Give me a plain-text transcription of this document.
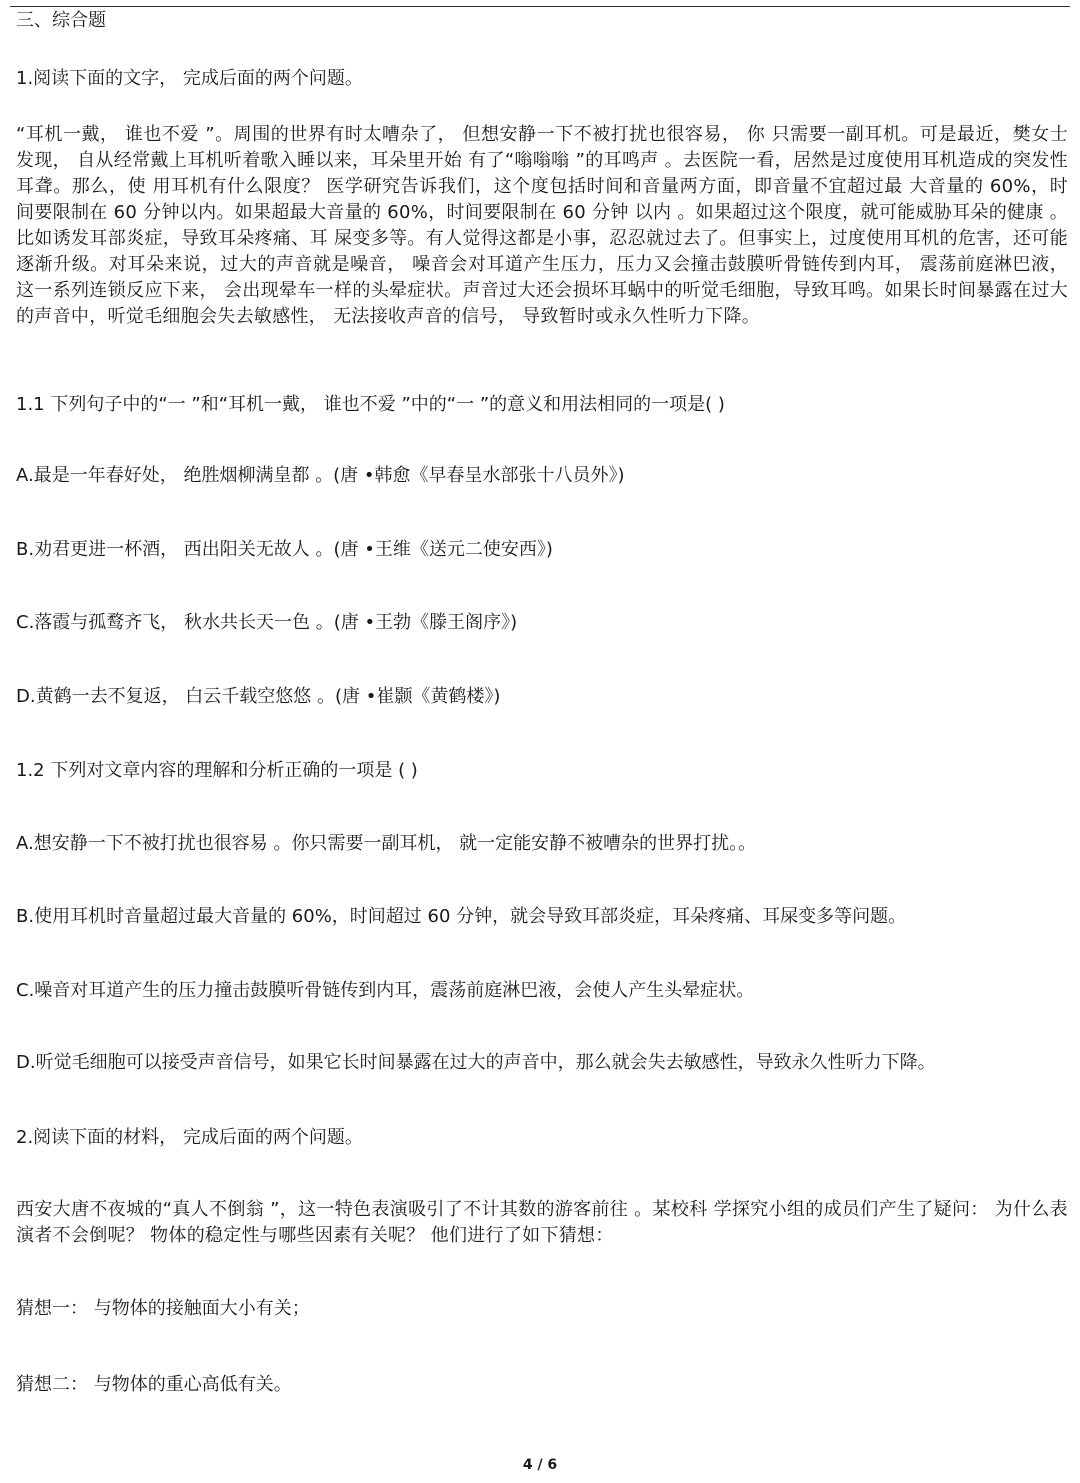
三、综合题
1.阅读下面的文字， 完成后面的两个问题。
“耳机一戴， 谁也不爱 ”。周围的世界有时太嘈杂了， 但想安静一下不被打扰也很容易， 你 只需要一副耳机。可是最近，樊女士发现， 自从经常戴上耳机听着歌入睡以来，耳朵里开始 有了“嗡嗡嗡 ”的耳鸣声 。去医院一看，居然是过度使用耳机造成的突发性耳聋。那么，使 用耳机有什么限度？ 医学研究告诉我们，这个度包括时间和音量两方面，即音量不宜超过最 大音量的 60%，时间要限制在 60 分钟以内。如果超最大音量的 60%，时间要限制在 60 分钟 以内 。如果超过这个限度，就可能威胁耳朵的健康 。比如诱发耳部炎症，导致耳朵疼痛、耳 屎变多等。有人觉得这都是小事，忍忍就过去了。但事实上，过度使用耳机的危害，还可能 逐渐升级。对耳朵来说，过大的声音就是噪音， 噪音会对耳道产生压力，压力又会撞击鼓膜听骨链传到内耳， 震荡前庭淋巴液， 这一系列连锁反应下来， 会出现晕车一样的头晕症状。声音过大还会损坏耳蜗中的听觉毛细胞，导致耳鸣。如果长时间暴露在过大的声音中，听觉毛细胞会失去敏感性， 无法接收声音的信号， 导致暂时或永久性听力下降。
1.1 下列句子中的“一 ”和“耳机一戴， 谁也不爱 ”中的“一 ”的意义和用法相同的一项是( )
A.最是一年春好处， 绝胜烟柳满皇都 。(唐 •韩愈《早春呈水部张十八员外》)
B.劝君更进一杯酒， 西出阳关无故人 。(唐 •王维《送元二使安西》)
C.落霞与孤鹜齐飞， 秋水共长天一色 。(唐 •王勃《滕王阁序》)
D.黄鹤一去不复返， 白云千载空悠悠 。(唐 •崔颢《黄鹤楼》)
1.2 下列对文章内容的理解和分析正确的一项是 ( )
A.想安静一下不被打扰也很容易 。你只需要一副耳机， 就一定能安静不被嘈杂的世界打扰。。
B.使用耳机时音量超过最大音量的 60%，时间超过 60 分钟，就会导致耳部炎症，耳朵疼痛、耳屎变多等问题。
C.噪音对耳道产生的压力撞击鼓膜听骨链传到内耳，震荡前庭淋巴液，会使人产生头晕症状。
D.听觉毛细胞可以接受声音信号，如果它长时间暴露在过大的声音中，那么就会失去敏感性，导致永久性听力下降。
2.阅读下面的材料， 完成后面的两个问题。
西安大唐不夜城的“真人不倒翁 ”，这一特色表演吸引了不计其数的游客前往 。某校科 学探究小组的成员们产生了疑问： 为什么表演者不会倒呢？ 物体的稳定性与哪些因素有关呢？ 他们进行了如下猜想：
猜想一： 与物体的接触面大小有关；
猜想二： 与物体的重心高低有关。
4 / 6
